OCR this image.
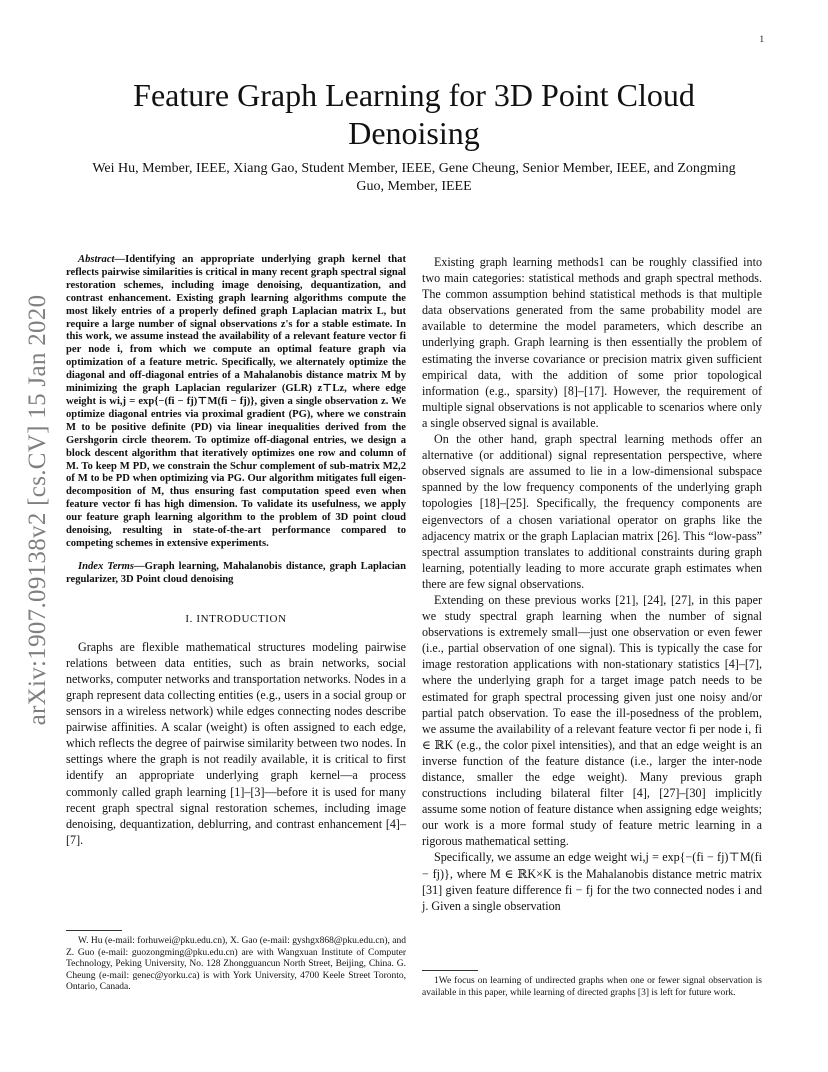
1
arXiv:1907.09138v2 [cs.CV] 15 Jan 2020
Feature Graph Learning for 3D Point Cloud Denoising
Wei Hu, Member, IEEE, Xiang Gao, Student Member, IEEE, Gene Cheung, Senior Member, IEEE, and Zongming Guo, Member, IEEE

Abstract—Identifying an appropriate underlying graph kernel that reflects pairwise similarities is critical in many recent graph spectral signal restoration schemes, including image denoising, dequantization, and contrast enhancement. Existing graph learning algorithms compute the most likely entries of a properly defined graph Laplacian matrix L, but require a large number of signal observations z's for a stable estimate. In this work, we assume instead the availability of a relevant feature vector fi per node i, from which we compute an optimal feature graph via optimization of a feature metric. Specifically, we alternately optimize the diagonal and off-diagonal entries of a Mahalanobis distance matrix M by minimizing the graph Laplacian regularizer (GLR) z⊤Lz, where edge weight is wi,j = exp{−(fi − fj)⊤M(fi − fj)}, given a single observation z. We optimize diagonal entries via proximal gradient (PG), where we constrain M to be positive definite (PD) via linear inequalities derived from the Gershgorin circle theorem. To optimize off-diagonal entries, we design a block descent algorithm that iteratively optimizes one row and column of M. To keep M PD, we constrain the Schur complement of sub-matrix M2,2 of M to be PD when optimizing via PG. Our algorithm mitigates full eigen-decomposition of M, thus ensuring fast computation speed even when feature vector fi has high dimension. To validate its usefulness, we apply our feature graph learning algorithm to the problem of 3D point cloud denoising, resulting in state-of-the-art performance compared to competing schemes in extensive experiments.

Index Terms—Graph learning, Mahalanobis distance, graph Laplacian regularizer, 3D Point cloud denoising

I. INTRODUCTION

Graphs are flexible mathematical structures modeling pairwise relations between data entities, such as brain networks, social networks, computer networks and transportation networks. Nodes in a graph represent data collecting entities (e.g., users in a social group or sensors in a wireless network) while edges connecting nodes describe pairwise affinities. A scalar (weight) is often assigned to each edge, which reflects the degree of pairwise similarity between two nodes. In settings where the graph is not readily available, it is critical to first identify an appropriate underlying graph kernel—a process commonly called graph learning [1]–[3]—before it is used for many recent graph spectral signal restoration schemes, including image denoising, dequantization, deblurring, and contrast enhancement [4]–[7].

W. Hu (e-mail: forhuwei@pku.edu.cn), X. Gao (e-mail: gyshgx868@pku.edu.cn), and Z. Guo (e-mail: guozongming@pku.edu.cn) are with Wangxuan Institute of Computer Technology, Peking University, No. 128 Zhongguancun North Street, Beijing, China. G. Cheung (e-mail: genec@yorku.ca) is with York University, 4700 Keele Street Toronto, Ontario, Canada.

Existing graph learning methods1 can be roughly classified into two main categories: statistical methods and graph spectral methods. The common assumption behind statistical methods is that multiple data observations generated from the same probability model are available to determine the model parameters, which describe an underlying graph. Graph learning is then essentially the problem of estimating the inverse covariance or precision matrix given sufficient empirical data, with the addition of some prior topological information (e.g., sparsity) [8]–[17]. However, the requirement of multiple signal observations is not applicable to scenarios where only a single observed signal is available.

On the other hand, graph spectral learning methods offer an alternative (or additional) signal representation perspective, where observed signals are assumed to lie in a low-dimensional subspace spanned by the low frequency components of the underlying graph topologies [18]–[25]. Specifically, the frequency components are eigenvectors of a chosen variational operator on graphs like the adjacency matrix or the graph Laplacian matrix [26]. This “low-pass” spectral assumption translates to additional constraints during graph learning, potentially leading to more accurate graph estimates when there are few signal observations.

Extending on these previous works [21], [24], [27], in this paper we study spectral graph learning when the number of signal observations is extremely small—just one observation or even fewer (i.e., partial observation of one signal). This is typically the case for image restoration applications with non-stationary statistics [4]–[7], where the underlying graph for a target image patch needs to be estimated for graph spectral processing given just one noisy and/or partial patch observation. To ease the ill-posedness of the problem, we assume the availability of a relevant feature vector fi per node i, fi ∈ ℝK (e.g., the color pixel intensities), and that an edge weight is an inverse function of the feature distance (i.e., larger the inter-node distance, smaller the edge weight). Many previous graph constructions including bilateral filter [4], [27]–[30] implicitly assume some notion of feature distance when assigning edge weights; our work is a more formal study of feature metric learning in a rigorous mathematical setting.

Specifically, we assume an edge weight wi,j = exp{−(fi − fj)⊤M(fi − fj)}, where M ∈ ℝK×K is the Mahalanobis distance metric matrix [31] given feature difference fi − fj for the two connected nodes i and j. Given a single observation

1We focus on learning of undirected graphs when one or fewer signal observation is available in this paper, while learning of directed graphs [3] is left for future work.
